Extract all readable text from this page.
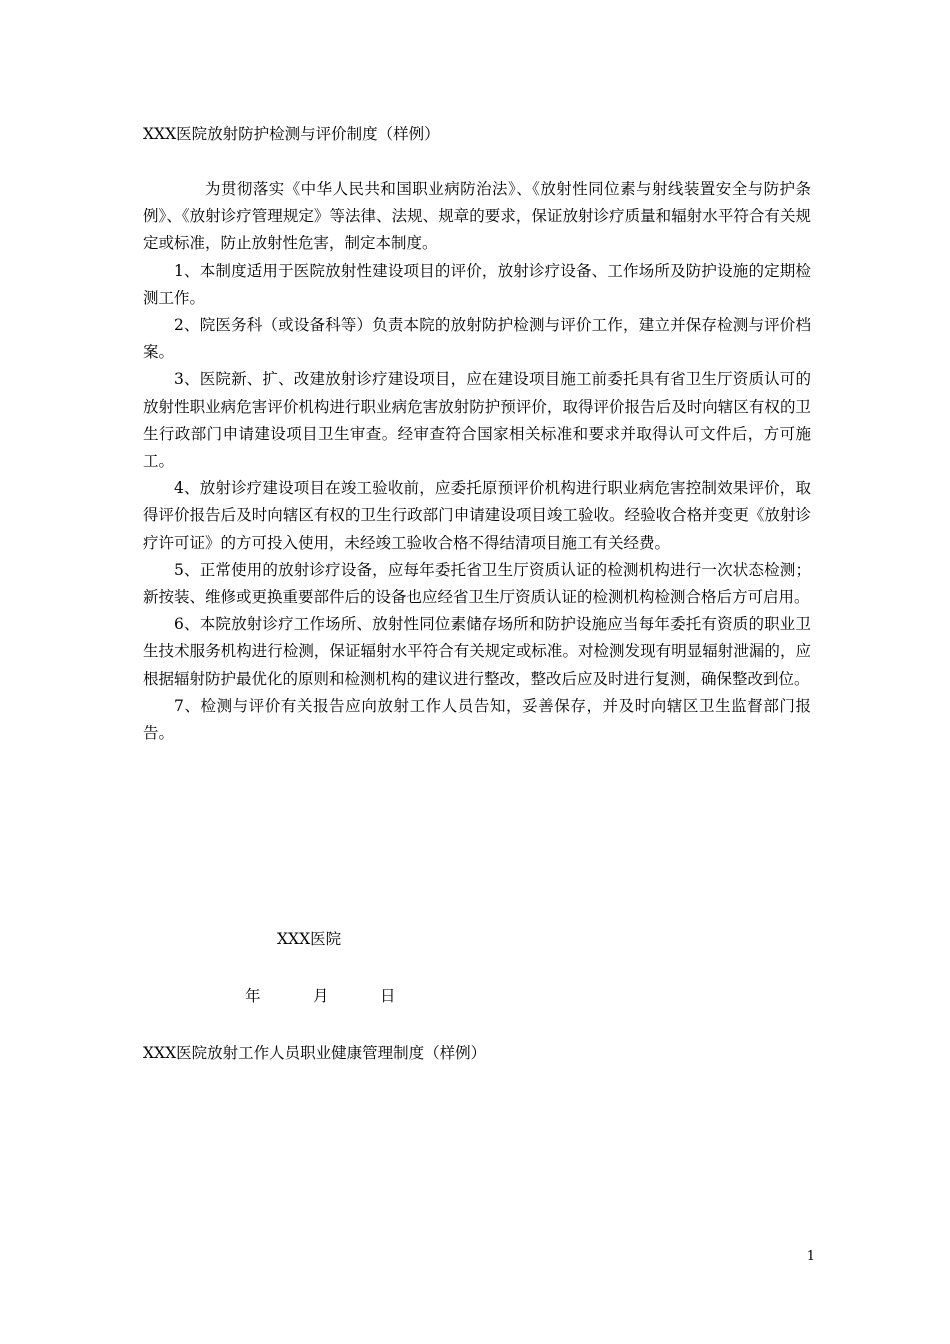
XXX医院放射防护检测与评价制度（样例）

为贯彻落实《中华人民共和国职业病防治法》、《放射性同位素与射线装置安全与防护条例》、《放射诊疗管理规定》等法律、法规、规章的要求，保证放射诊疗质量和辐射水平符合有关规定或标准，防止放射性危害，制定本制度。

1、本制度适用于医院放射性建设项目的评价，放射诊疗设备、工作场所及防护设施的定期检测工作。

2、院医务科（或设备科等）负责本院的放射防护检测与评价工作，建立并保存检测与评价档案。

3、医院新、扩、改建放射诊疗建设项目，应在建设项目施工前委托具有省卫生厅资质认可的放射性职业病危害评价机构进行职业病危害放射防护预评价，取得评价报告后及时向辖区有权的卫生行政部门申请建设项目卫生审查。经审查符合国家相关标准和要求并取得认可文件后，方可施工。

4、放射诊疗建设项目在竣工验收前，应委托原预评价机构进行职业病危害控制效果评价，取得评价报告后及时向辖区有权的卫生行政部门申请建设项目竣工验收。经验收合格并变更《放射诊疗许可证》的方可投入使用，未经竣工验收合格不得结清项目施工有关经费。

5、正常使用的放射诊疗设备，应每年委托省卫生厅资质认证的检测机构进行一次状态检测；新按装、维修或更换重要部件后的设备也应经省卫生厅资质认证的检测机构检测合格后方可启用。

6、本院放射诊疗工作场所、放射性同位素储存场所和防护设施应当每年委托有资质的职业卫生技术服务机构进行检测，保证辐射水平符合有关规定或标准。对检测发现有明显辐射泄漏的，应根据辐射防护最优化的原则和检测机构的建议进行整改，整改后应及时进行复测，确保整改到位。

7、检测与评价有关报告应向放射工作人员告知，妥善保存，并及时向辖区卫生监督部门报告。

XXX医院
年	月	日
XXX医院放射工作人员职业健康管理制度（样例）
1
